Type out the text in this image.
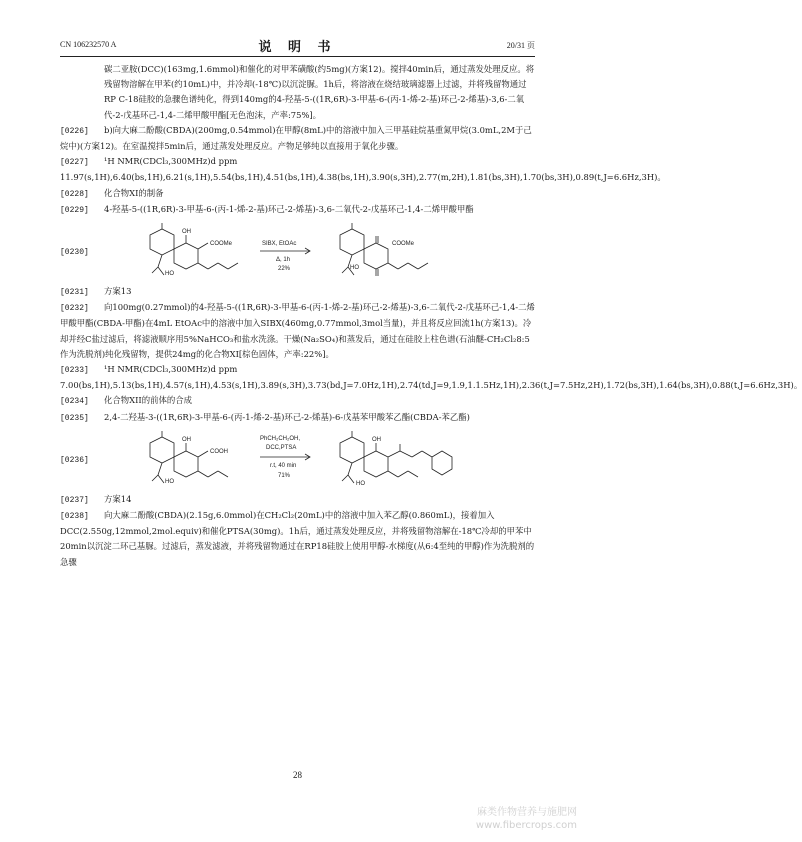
CN 106232570 A	说 明 书	20/31 页

碳二亚胺(DCC)(163mg,1.6mmol)和催化的对甲苯磺酸(约5mg)(方案12)。搅拌40min后，通过蒸发处理反应。将残留物溶解在甲苯(约10mL)中，并冷却(-18℃)以沉淀脲。1h后，将溶液在烧结玻璃滤器上过滤，并将残留物通过RP C-18硅胶的急骤色谱纯化，得到140mg的4-羟基-5-((1R,6R)-3-甲基-6-(丙-1-烯-2-基)环己-2-烯基)-3,6-二氧代-2-戊基环己-1,4-二烯甲酸甲酯[无色泡沫，产率:75%]。

[0226] b)向大麻二酚酸(CBDA)(200mg,0.54mmol)在甲醇(8mL)中的溶液中加入三甲基硅烷基重氮甲烷(3.0mL,2M于己烷中)(方案12)。在室温搅拌5min后，通过蒸发处理反应。产物足够纯以直接用于氧化步骤。

[0227] ¹H NMR(CDCl₃,300MHz)d ppm 11.97(s,1H),6.40(bs,1H),6.21(s,1H),5.54(bs,1H),4.51(bs,1H),4.38(bs,1H),3.90(s,3H),2.77(m,2H),1.81(bs,3H),1.70(bs,3H),0.89(t,J=6.6Hz,3H)。

[0228] 化合物XI的制备

[0229] 4-羟基-5-((1R,6R)-3-甲基-6-(丙-1-烯-2-基)环己-2-烯基)-3,6-二氧代-2-戊基环己-1,4-二烯甲酸甲酯

[0230]
OH
COOMe
HO
SIBX, EtOAc
Δ, 1h
22%
COOMe
HO

[0231] 方案13

[0232] 向100mg(0.27mmol)的4-羟基-5-((1R,6R)-3-甲基-6-(丙-1-烯-2-基)环己-2-烯基)-3,6-二氧代-2-戊基环己-1,4-二烯甲酸甲酯(CBDA-甲酯)在4mL EtOAc中的溶液中加入SIBX(460mg,0.77mmol,3mol当量)，并且将反应回流1h(方案13)。冷却并经C盐过滤后，将滤液顺序用5%NaHCO₃和盐水洗涤。干燥(Na₂SO₄)和蒸发后，通过在硅胶上柱色谱(石油醚-CH₂Cl₂8:5作为洗脱剂)纯化残留物，提供24mg的化合物XI[棕色固体，产率:22%]。

[0233] ¹H NMR(CDCl₃,300MHz)d ppm 7.00(bs,1H),5.13(bs,1H),4.57(s,1H),4.53(s,1H),3.89(s,3H),3.73(bd,J=7.0Hz,1H),2.74(td,J=9,1.9,1.1.5Hz,1H),2.36(t,J=7.5Hz,2H),1.72(bs,3H),1.64(bs,3H),0.88(t,J=6.6Hz,3H)。

[0234] 化合物XII的前体的合成

[0235] 2,4-二羟基-3-((1R,6R)-3-甲基-6-(丙-1-烯-2-基)环己-2-烯基)-6-戊基苯甲酸苯乙酯(CBDA-苯乙酯)

[0236]
OH
COOH
HO
PhCH₂CH₂OH,
DCC,PTSA
r.t, 40 min
71%
OH
HO

[0237] 方案14

[0238] 向大麻二酚酸(CBDA)(2.15g,6.0mmol)在CH₂Cl₂(20mL)中的溶液中加入苯乙醇(0.860mL)，接着加入DCC(2.550g,12mmol,2mol.equiv)和催化PTSA(30mg)。1h后，通过蒸发处理反应，并将残留物溶解在-18℃冷却的甲苯中20min以沉淀二环己基脲。过滤后，蒸发滤液，并将残留物通过在RP18硅胶上使用甲醇-水梯度(从6:4至纯的甲醇)作为洗脱剂的急骤

28
麻类作物营养与施肥网
www.fibercrops.com
